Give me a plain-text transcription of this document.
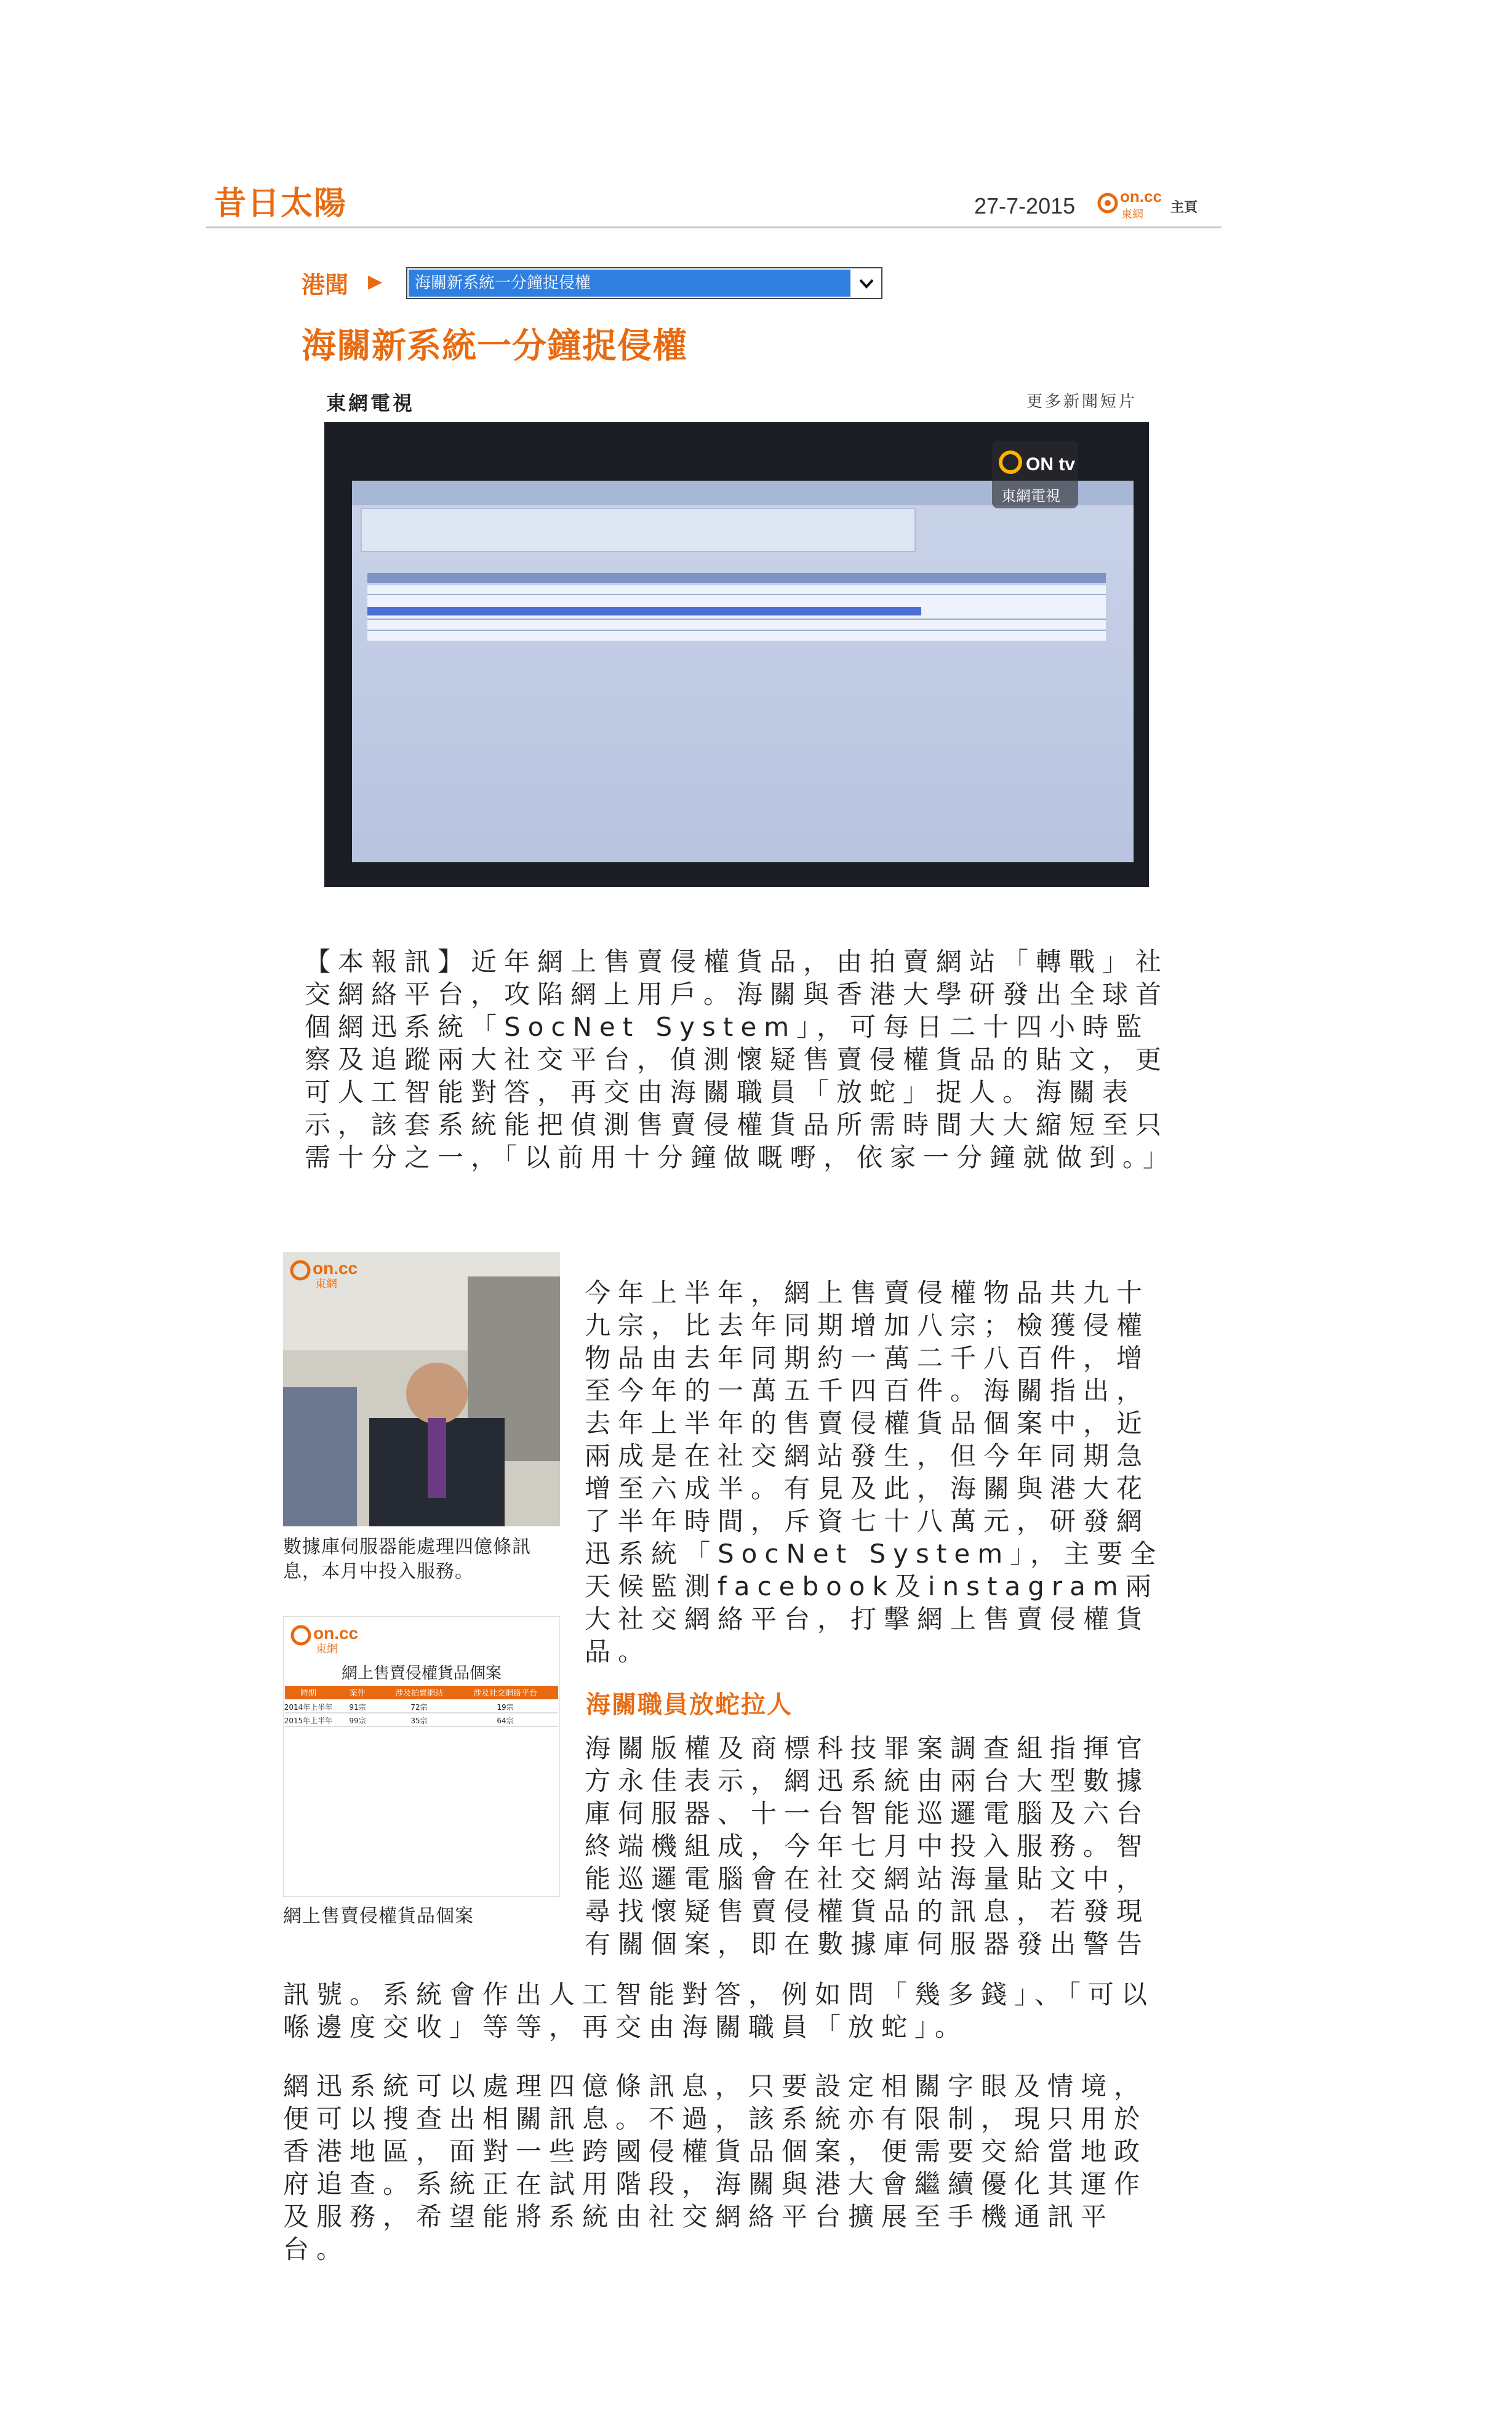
昔日太陽	27-7-2015	on.cc
東網 主頁
港聞 ▶	海關新系統一分鐘捉侵權
海關新系統一分鐘捉侵權
東網電視	更多新聞短片
ON tv
東網電視
【本報訊】近年網上售賣侵權貨品，由拍賣網站「轉戰」社交網絡平台，攻陷網上用戶。海關與香港大學研發出全球首個網迅系統「SocNet System」，可每日二十四小時監察及追蹤兩大社交平台，偵測懷疑售賣侵權貨品的貼文，更可人工智能對答，再交由海關職員「放蛇」捉人。海關表示，該套系統能把偵測售賣侵權貨品所需時間大大縮短至只需十分之一，「以前用十分鐘做嘅嘢，依家一分鐘就做到。」
on.cc
東網
數據庫伺服器能處理四億條訊息，本月中投入服務。
今年上半年，網上售賣侵權物品共九十九宗，比去年同期增加八宗；檢獲侵權物品由去年同期約一萬二千八百件，增至今年的一萬五千四百件。海關指出，去年上半年的售賣侵權貨品個案中，近兩成是在社交網站發生，但今年同期急增至六成半。有見及此，海關與港大花了半年時間，斥資七十八萬元，研發網迅系統「SocNet System」，主要全天候監測facebook及instagram兩大社交網絡平台，打擊網上售賣侵權貨品。
on.cc
東網
網上售賣侵權貨品個案
時期	案件	涉及拍賣網站	涉及社交網絡平台
2014年上半年 91宗	72宗	19宗
2015年上半年 99宗	35宗	64宗
網上售賣侵權貨品個案
海關職員放蛇拉人
海關版權及商標科技罪案調查組指揮官方永佳表示，網迅系統由兩台大型數據庫伺服器、十一台智能巡邏電腦及六台終端機組成，今年七月中投入服務。智能巡邏電腦會在社交網站海量貼文中，尋找懷疑售賣侵權貨品的訊息，若發現有關個案，即在數據庫伺服器發出警告
訊號。系統會作出人工智能對答，例如問「幾多錢」、「可以喺邊度交收」等等，再交由海關職員「放蛇」。
網迅系統可以處理四億條訊息，只要設定相關字眼及情境，便可以搜查出相關訊息。不過，該系統亦有限制，現只用於香港地區，面對一些跨國侵權貨品個案，便需要交給當地政府追查。系統正在試用階段，海關與港大會繼續優化其運作及服務，希望能將系統由社交網絡平台擴展至手機通訊平台。
